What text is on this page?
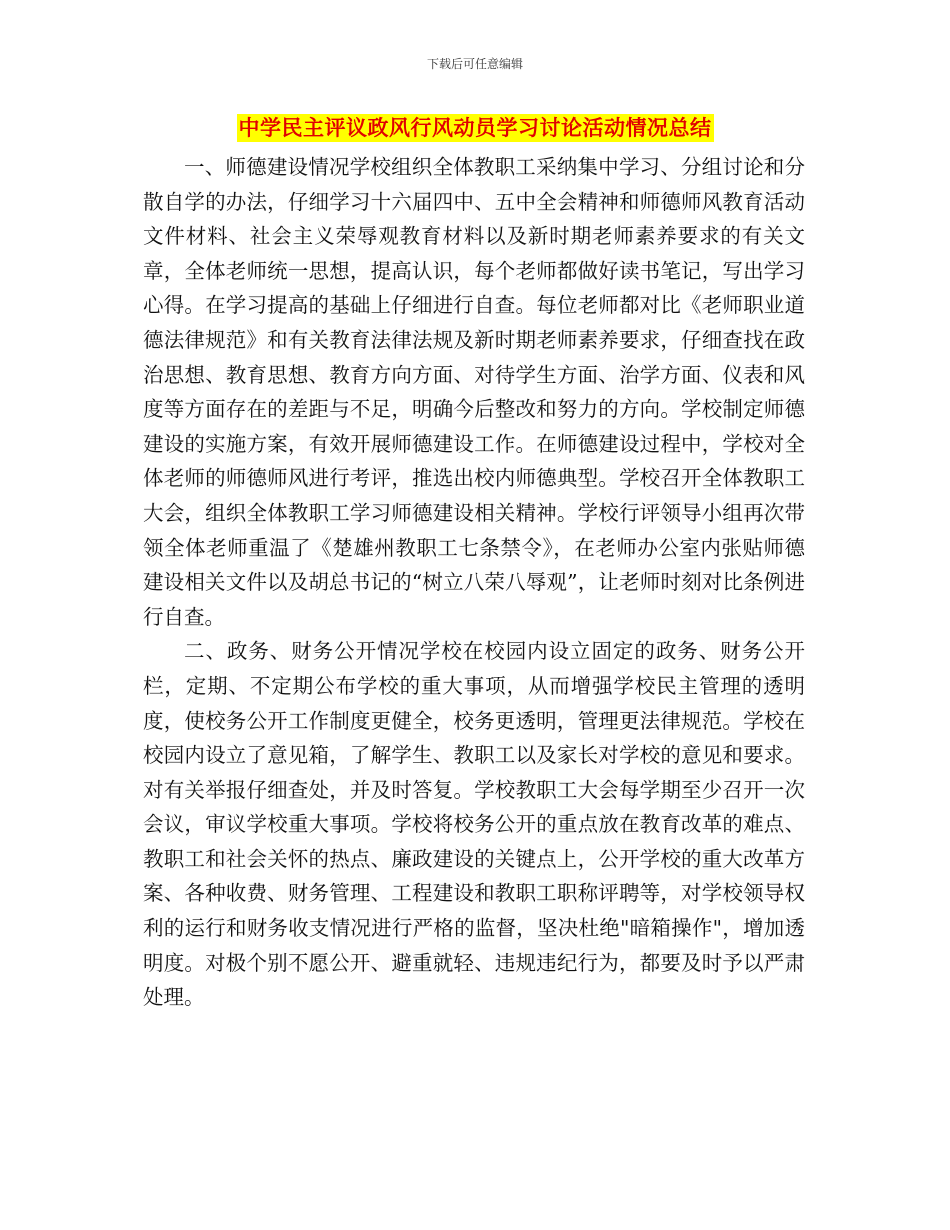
下载后可任意编辑
中学民主评议政风行风动员学习讨论活动情况总结

一、师德建设情况学校组织全体教职工采纳集中学习、分组讨论和分散自学的办法，仔细学习十六届四中、五中全会精神和师德师风教育活动文件材料、社会主义荣辱观教育材料以及新时期老师素养要求的有关文章，全体老师统一思想，提高认识，每个老师都做好读书笔记，写出学习心得。在学习提高的基础上仔细进行自查。每位老师都对比《老师职业道德法律规范》和有关教育法律法规及新时期老师素养要求，仔细查找在政治思想、教育思想、教育方向方面、对待学生方面、治学方面、仪表和风度等方面存在的差距与不足，明确今后整改和努力的方向。学校制定师德建设的实施方案，有效开展师德建设工作。在师德建设过程中，学校对全体老师的师德师风进行考评，推选出校内师德典型。学校召开全体教职工大会，组织全体教职工学习师德建设相关精神。学校行评领导小组再次带领全体老师重温了《楚雄州教职工七条禁令》，在老师办公室内张贴师德建设相关文件以及胡总书记的“树立八荣八辱观”，让老师时刻对比条例进行自查。

二、政务、财务公开情况学校在校园内设立固定的政务、财务公开栏，定期、不定期公布学校的重大事项，从而增强学校民主管理的透明度，使校务公开工作制度更健全，校务更透明，管理更法律规范。学校在校园内设立了意见箱，了解学生、教职工以及家长对学校的意见和要求。对有关举报仔细查处，并及时答复。学校教职工大会每学期至少召开一次会议，审议学校重大事项。学校将校务公开的重点放在教育改革的难点、教职工和社会关怀的热点、廉政建设的关键点上，公开学校的重大改革方案、各种收费、财务管理、工程建设和教职工职称评聘等，对学校领导权利的运行和财务收支情况进行严格的监督，坚决杜绝"暗箱操作"，增加透明度。对极个别不愿公开、避重就轻、违规违纪行为，都要及时予以严肃处理。
